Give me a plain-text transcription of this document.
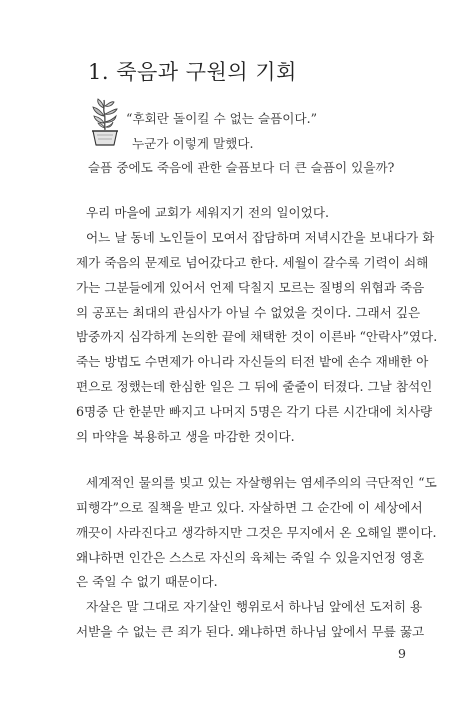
1. 죽음과 구원의 기회
“후회란 돌이킬 수 없는 슬픔이다.”
누군가 이렇게 말했다.
슬픔 중에도 죽음에 관한 슬픔보다 더 큰 슬픔이 있을까?
우리 마을에 교회가 세워지기 전의 일이었다.
어느 날 동네 노인들이 모여서 잡담하며 저녁시간을 보내다가 화
제가 죽음의 문제로 넘어갔다고 한다. 세월이 갈수록 기력이 쇠해
가는 그분들에게 있어서 언제 닥칠지 모르는 질병의 위협과 죽음
의 공포는 최대의 관심사가 아닐 수 없었을 것이다. 그래서 깊은
밤중까지 심각하게 논의한 끝에 채택한 것이 이른바 “안락사”였다.
죽는 방법도 수면제가 아니라 자신들의 터전 밭에 손수 재배한 아
편으로 정했는데 한심한 일은 그 뒤에 줄줄이 터졌다. 그날 참석인
6명중 단 한분만 빠지고 나머지 5명은 각기 다른 시간대에 치사량
의 마약을 복용하고 생을 마감한 것이다.
세계적인 물의를 빚고 있는 자살행위는 염세주의의 극단적인 “도
피행각”으로 질책을 받고 있다. 자살하면 그 순간에 이 세상에서
깨끗이 사라진다고 생각하지만 그것은 무지에서 온 오해일 뿐이다.
왜냐하면 인간은 스스로 자신의 육체는 죽일 수 있을지언정 영혼
은 죽일 수 없기 때문이다.
자살은 말 그대로 자기살인 행위로서 하나님 앞에선 도저히 용
서받을 수 없는 큰 죄가 된다. 왜냐하면 하나님 앞에서 무릎 꿇고
9
